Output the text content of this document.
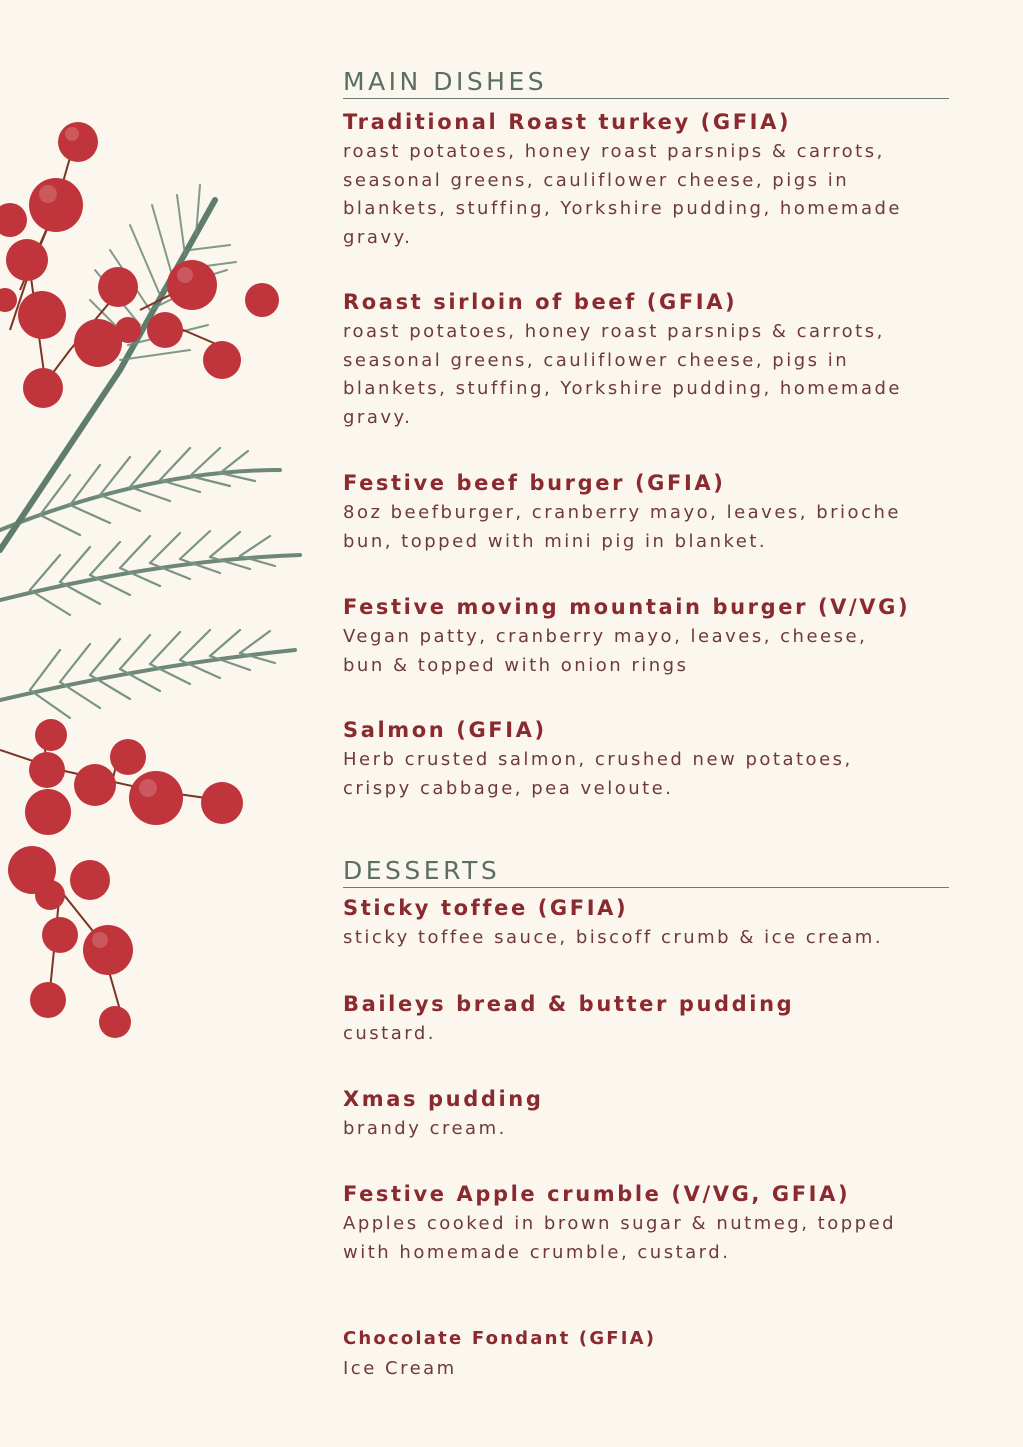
MAIN DISHES
Traditional Roast turkey (GFIA)
roast potatoes, honey roast parsnips & carrots,
seasonal greens, cauliflower cheese, pigs in
blankets, stuffing, Yorkshire pudding, homemade
gravy.
Roast sirloin of beef (GFIA)
roast potatoes, honey roast parsnips & carrots,
seasonal greens, cauliflower cheese, pigs in
blankets, stuffing, Yorkshire pudding, homemade
gravy.
Festive beef burger (GFIA)
8oz beefburger, cranberry mayo, leaves, brioche
bun, topped with mini pig in blanket.
Festive moving mountain burger (V/VG)
Vegan patty, cranberry mayo, leaves, cheese,
bun & topped with onion rings
Salmon (GFIA)
Herb crusted salmon, crushed new potatoes,
crispy cabbage, pea veloute.
DESSERTS
Sticky toffee (GFIA)
sticky toffee sauce, biscoff crumb & ice cream.
Baileys bread & butter pudding
custard.
Xmas pudding
brandy cream.
Festive Apple crumble (V/VG, GFIA)
Apples cooked in brown sugar & nutmeg, topped
with homemade crumble, custard.
Chocolate Fondant (GFIA)
Ice Cream
